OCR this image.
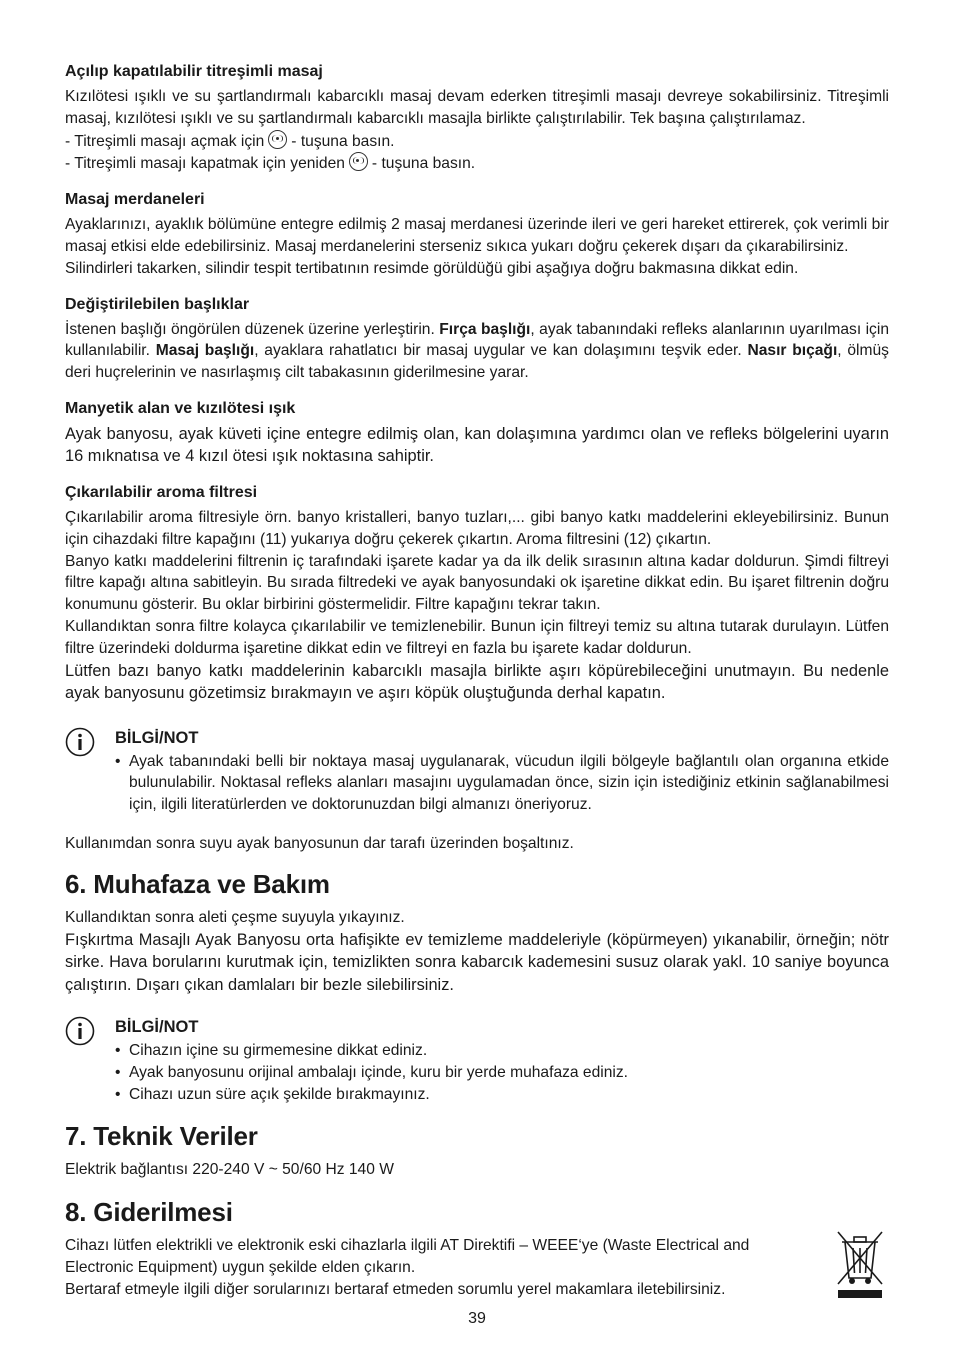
Açılıp kapatılabilir titreşimli masaj

Kızılötesi ışıklı ve su şartlandırmalı kabarcıklı masaj devam ederken titreşimli masajı devreye sokabilirsiniz. Titreşimli masaj, kızılötesi ışıklı ve su şartlandırmalı kabarcıklı masajla birlikte çalıştırılabilir. Tek başına çalıştırılamaz.

- Titreşimli masajı açmak için - tuşuna basın.

- Titreşimli masajı kapatmak için yeniden - tuşuna basın.

Masaj merdaneleri

Ayaklarınızı, ayaklık bölümüne entegre edilmiş 2 masaj merdanesi üzerinde ileri ve geri hareket ettirerek, çok verimli bir masaj etkisi elde edebilirsiniz. Masaj merdanelerini sterseniz sıkıca yukarı doğru çekerek dışarı da çıkarabilirsiniz.

Silindirleri takarken, silindir tespit tertibatının resimde görüldüğü gibi aşağıya doğru bakmasına dikkat edin.

Değiştirilebilen başlıklar

İstenen başlığı öngörülen düzenek üzerine yerleştirin. Fırça başlığı, ayak tabanındaki refleks alanlarının uyarılması için kullanılabilir. Masaj başlığı, ayaklara rahatlatıcı bir masaj uygular ve kan dolaşımını teşvik eder. Nasır bıçağı, ölmüş deri huçrelerinin ve nasırlaşmış cilt tabakasının giderilmesine yarar.

Manyetik alan ve kızılötesi ışık

Ayak banyosu, ayak küveti içine entegre edilmiş olan, kan dolaşımına yardımcı olan ve refleks bölgelerini uyarın 16 mıknatısa ve 4 kızıl ötesi ışık noktasına sahiptir.

Çıkarılabilir aroma filtresi

Çıkarılabilir aroma filtresiyle örn. banyo kristalleri, banyo tuzları,... gibi banyo katkı maddelerini ekleyebilirsiniz. Bunun için cihazdaki filtre kapağını (11) yukarıya doğru çekerek çıkartın. Aroma filtresini (12) çıkartın.

Banyo katkı maddelerini filtrenin iç tarafındaki işarete kadar ya da ilk delik sırasının altına kadar doldurun. Şimdi filtreyi filtre kapağı altına sabitleyin. Bu sırada filtredeki ve ayak banyosundaki ok işaretine dikkat edin. Bu işaret filtrenin doğru konumunu gösterir. Bu oklar birbirini göstermelidir. Filtre kapağını tekrar takın.

Kullandıktan sonra filtre kolayca çıkarılabilir ve temizlenebilir. Bunun için filtreyi temiz su altına tutarak durulayın. Lütfen filtre üzerindeki doldurma işaretine dikkat edin ve filtreyi en fazla bu işarete kadar doldurun.

Lütfen bazı banyo katkı maddelerinin kabarcıklı masajla birlikte aşırı köpürebileceğini unutmayın. Bu nedenle ayak banyosunu gözetimsiz bırakmayın ve aşırı köpük oluştuğunda derhal kapatın.

BİLGİ/NOT
• Ayak tabanındaki belli bir noktaya masaj uygulanarak, vücudun ilgili bölgeyle bağlantılı olan organına etkide bulunulabilir. Noktasal refleks alanları masajını uygulamadan önce, sizin için istediğiniz etkinin sağlanabilmesi için, ilgili literatürlerden ve doktorunuzdan bilgi almanızı öneriyoruz.

Kullanımdan sonra suyu ayak banyosunun dar tarafı üzerinden boşaltınız.

6. Muhafaza ve Bakım

Kullandıktan sonra aleti çeşme suyuyla yıkayınız.

Fışkırtma Masajlı Ayak Banyosu orta hafişikte ev temizleme maddeleriyle (köpürmeyen) yıkanabilir, örneğin; nötr sirke. Hava borularını kurutmak için, temizlikten sonra kabarcık kademesini susuz olarak yakl. 10 saniye boyunca çalıştırın. Dışarı çıkan damlaları bir bezle silebilirsiniz.

BİLGİ/NOT
• Cihazın içine su girmemesine dikkat ediniz.
• Ayak banyosunu orijinal ambalajı içinde, kuru bir yerde muhafaza ediniz.
• Cihazı uzun süre açık şekilde bırakmayınız.
7. Teknik Veriler

Elektrik bağlantısı 220-240 V ~ 50/60 Hz 140 W

8. Giderilmesi

Cihazı lütfen elektrikli ve elektronik eski cihazlarla ilgili AT Direktifi – WEEE‘ye (Waste Electrical and Electronic Equipment) uygun şekilde elden çıkarın.

Bertaraf etmeyle ilgili diğer sorularınızı bertaraf etmeden sorumlu yerel makamlara iletebilirsiniz.

39
